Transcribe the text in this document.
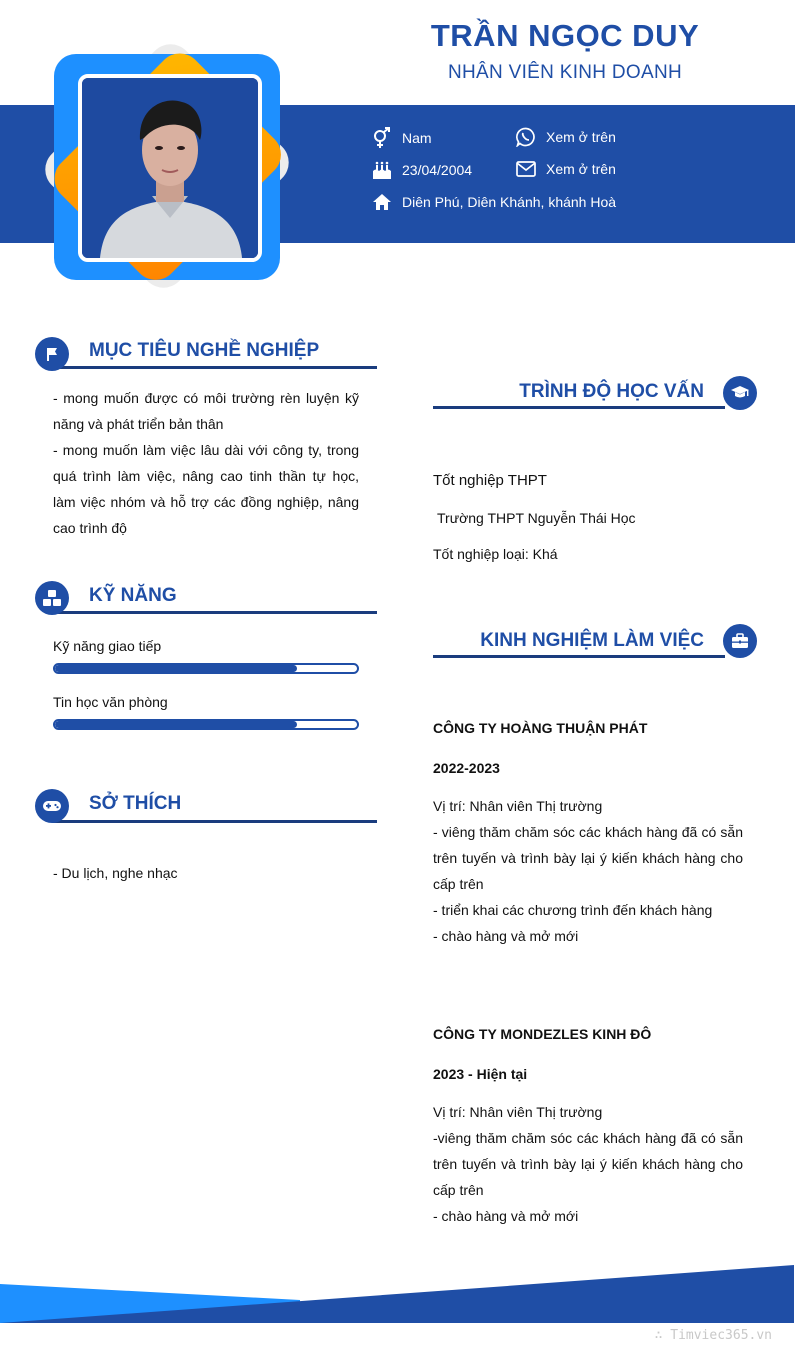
TRẦN NGỌC DUY
NHÂN VIÊN KINH DOANH
Nam	Xem ở trên
23/04/2004	Xem ở trên
Diên Phú, Diên Khánh, khánh Hoà
MỤC TIÊU NGHỀ NGHIỆP
- mong muốn được có môi trường rèn luyện kỹ năng và phát triển bản thân
- mong muốn làm việc lâu dài với công ty, trong quá trình làm việc, nâng cao tinh thần tự học, làm việc nhóm và hỗ trợ các đồng nghiệp, nâng cao trình độ
KỸ NĂNG
Kỹ năng giao tiếp
Tin học văn phòng
SỞ THÍCH
- Du lịch, nghe nhạc
TRÌNH ĐỘ HỌC VẤN
Tốt nghiệp THPT
Trường THPT Nguyễn Thái Học
Tốt nghiệp loại: Khá
KINH NGHIỆM LÀM VIỆC
CÔNG TY HOÀNG THUẬN PHÁT
2022-2023
Vị trí: Nhân viên Thị trường
- viêng thăm chăm sóc các khách hàng đã có sẵn trên tuyến và trình bày lại ý kiến khách hàng cho cấp trên
- triển khai các chương trình đến khách hàng
- chào hàng và mở mới
CÔNG TY MONDEZLES KINH ĐÔ
2023 - Hiện tại
Vị trí: Nhân viên Thị trường
-viêng thăm chăm sóc các khách hàng đã có sẵn trên tuyến và trình bày lại ý kiến khách hàng cho cấp trên
- chào hàng và mở mới
∴ Timviec365.vn
